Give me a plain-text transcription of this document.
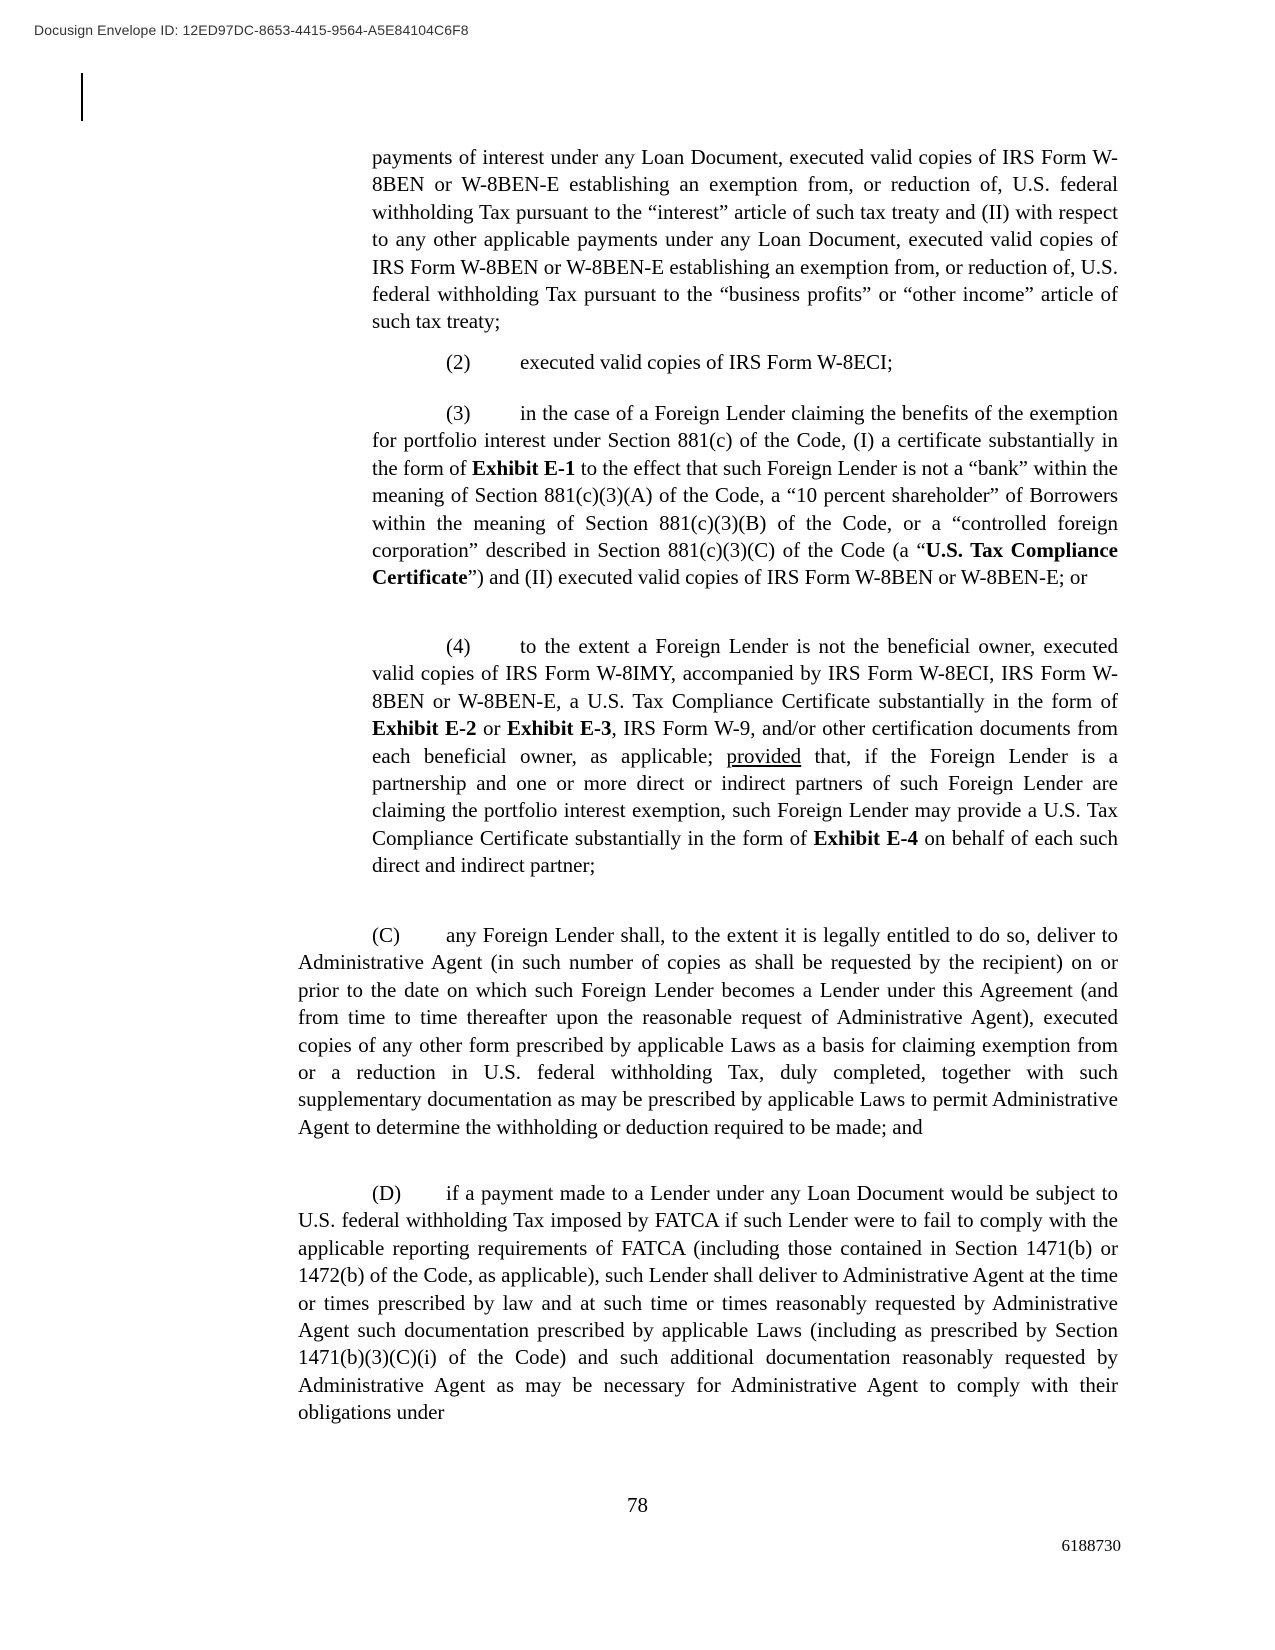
Docusign Envelope ID: 12ED97DC-8653-4415-9564-A5E84104C6F8

payments of interest under any Loan Document, executed valid copies of IRS Form W-8BEN or W-8BEN-E establishing an exemption from, or reduction of, U.S. federal withholding Tax pursuant to the “interest” article of such tax treaty and (II) with respect to any other applicable payments under any Loan Document, executed valid copies of IRS Form W-8BEN or W-8BEN-E establishing an exemption from, or reduction of, U.S. federal withholding Tax pursuant to the “business profits” or “other income” article of such tax treaty;

(2) executed valid copies of IRS Form W-8ECI;

(3) in the case of a Foreign Lender claiming the benefits of the exemption for portfolio interest under Section 881(c) of the Code, (I) a certificate substantially in the form of Exhibit E-1 to the effect that such Foreign Lender is not a “bank” within the meaning of Section 881(c)(3)(A) of the Code, a “10 percent shareholder” of Borrowers within the meaning of Section 881(c)(3)(B) of the Code, or a “controlled foreign corporation” described in Section 881(c)(3)(C) of the Code (a “U.S. Tax Compliance Certificate”) and (II) executed valid copies of IRS Form W-8BEN or W-8BEN-E; or

(4) to the extent a Foreign Lender is not the beneficial owner, executed valid copies of IRS Form W-8IMY, accompanied by IRS Form W-8ECI, IRS Form W-8BEN or W-8BEN-E, a U.S. Tax Compliance Certificate substantially in the form of Exhibit E-2 or Exhibit E-3, IRS Form W-9, and/or other certification documents from each beneficial owner, as applicable; provided that, if the Foreign Lender is a partnership and one or more direct or indirect partners of such Foreign Lender are claiming the portfolio interest exemption, such Foreign Lender may provide a U.S. Tax Compliance Certificate substantially in the form of Exhibit E-4 on behalf of each such direct and indirect partner;

(C) any Foreign Lender shall, to the extent it is legally entitled to do so, deliver to Administrative Agent (in such number of copies as shall be requested by the recipient) on or prior to the date on which such Foreign Lender becomes a Lender under this Agreement (and from time to time thereafter upon the reasonable request of Administrative Agent), executed copies of any other form prescribed by applicable Laws as a basis for claiming exemption from or a reduction in U.S. federal withholding Tax, duly completed, together with such supplementary documentation as may be prescribed by applicable Laws to permit Administrative Agent to determine the withholding or deduction required to be made; and

(D) if a payment made to a Lender under any Loan Document would be subject to U.S. federal withholding Tax imposed by FATCA if such Lender were to fail to comply with the applicable reporting requirements of FATCA (including those contained in Section 1471(b) or 1472(b) of the Code, as applicable), such Lender shall deliver to Administrative Agent at the time or times prescribed by law and at such time or times reasonably requested by Administrative Agent such documentation prescribed by applicable Laws (including as prescribed by Section 1471(b)(3)(C)(i) of the Code) and such additional documentation reasonably requested by Administrative Agent as may be necessary for Administrative Agent to comply with their obligations under

78
6188730
